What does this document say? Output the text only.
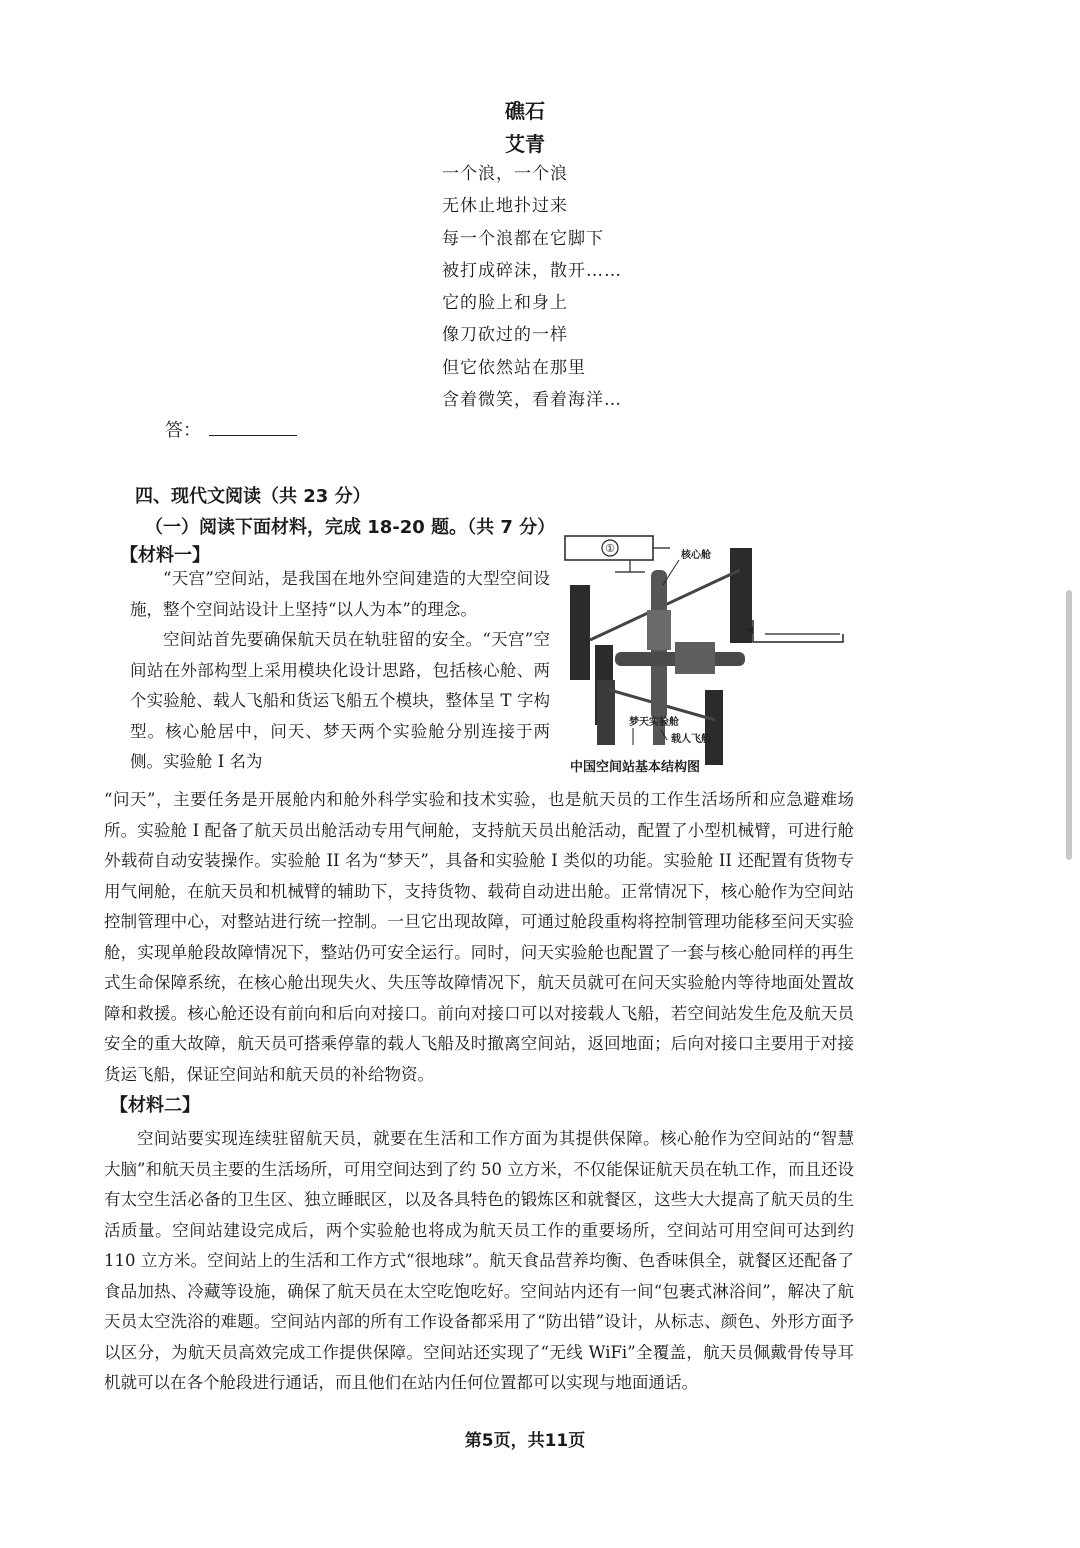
礁石
艾青
一个浪，一个浪
无休止地扑过来
每一个浪都在它脚下
被打成碎沫，散开……
它的脸上和身上
像刀砍过的一样
但它依然站在那里
含着微笑，看着海洋…
答：
四、现代文阅读（共 23 分）
（一）阅读下面材料，完成 18-20 题。（共 7 分）
【材料一】

“天宫”空间站，是我国在地外空间建造的大型空间设施，整个空间站设计上坚持“以人为本”的理念。

空间站首先要确保航天员在轨驻留的安全。“天宫”空间站在外部构型上采用模块化设计思路，包括核心舱、两个实验舱、载人飞船和货运飞船五个模块，整体呈 T 字构型。核心舱居中，问天、梦天两个实验舱分别连接于两侧。实验舱 I 名为

①
核心舱
梦天实验舱
载人飞船
中国空间站基本结构图

“问天”，主要任务是开展舱内和舱外科学实验和技术实验，也是航天员的工作生活场所和应急避难场所。实验舱 I 配备了航天员出舱活动专用气闸舱，支持航天员出舱活动，配置了小型机械臂，可进行舱外载荷自动安装操作。实验舱 II 名为“梦天”，具备和实验舱 I 类似的功能。实验舱 II 还配置有货物专用气闸舱，在航天员和机械臂的辅助下，支持货物、载荷自动进出舱。正常情况下，核心舱作为空间站控制管理中心，对整站进行统一控制。一旦它出现故障，可通过舱段重构将控制管理功能移至问天实验舱，实现单舱段故障情况下，整站仍可安全运行。同时，问天实验舱也配置了一套与核心舱同样的再生式生命保障系统，在核心舱出现失火、失压等故障情况下，航天员就可在问天实验舱内等待地面处置故障和救援。核心舱还设有前向和后向对接口。前向对接口可以对接载人飞船，若空间站发生危及航天员安全的重大故障，航天员可搭乘停靠的载人飞船及时撤离空间站，返回地面；后向对接口主要用于对接货运飞船，保证空间站和航天员的补给物资。

【材料二】

空间站要实现连续驻留航天员，就要在生活和工作方面为其提供保障。核心舱作为空间站的“智慧大脑”和航天员主要的生活场所，可用空间达到了约 50 立方米，不仅能保证航天员在轨工作，而且还设有太空生活必备的卫生区、独立睡眠区，以及各具特色的锻炼区和就餐区，这些大大提高了航天员的生活质量。空间站建设完成后，两个实验舱也将成为航天员工作的重要场所，空间站可用空间可达到约 110 立方米。空间站上的生活和工作方式“很地球”。航天食品营养均衡、色香味俱全，就餐区还配备了食品加热、冷藏等设施，确保了航天员在太空吃饱吃好。空间站内还有一间“包裹式淋浴间”，解决了航天员太空洗浴的难题。空间站内部的所有工作设备都采用了“防出错”设计，从标志、颜色、外形方面予以区分，为航天员高效完成工作提供保障。空间站还实现了“无线 WiFi”全覆盖，航天员佩戴骨传导耳机就可以在各个舱段进行通话，而且他们在站内任何位置都可以实现与地面通话。

第5页，共11页
